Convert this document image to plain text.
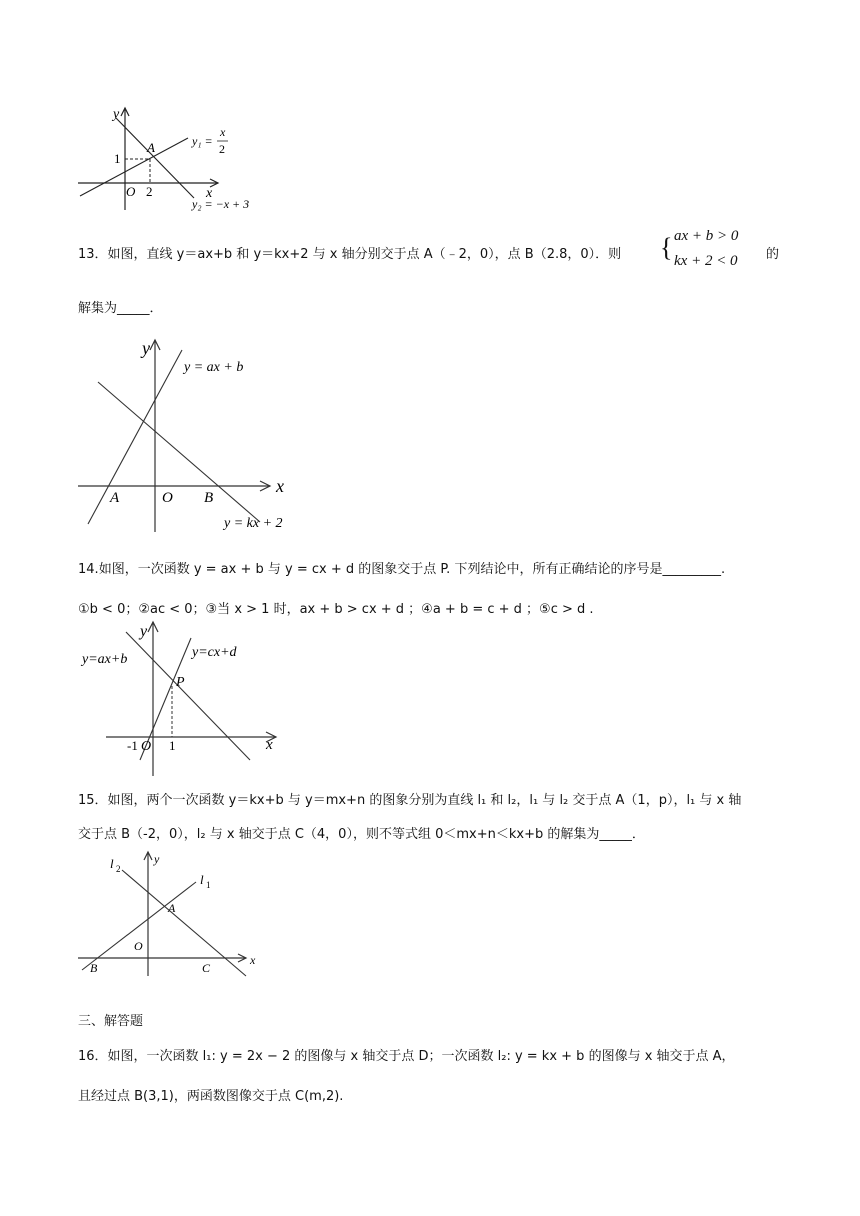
y
x
O
A
1
2
y₁ =
x
2
y₂ = −x + 3
13．如图，直线 y＝ax+b 和 y＝kx+2 与 x 轴分别交于点 A（﹣2，0），点 B（2.8，0）．则 { ax + b > 0
kx + 2 < 0 的
解集为_____．
y
x
O
A	B
y = ax + b
y = kx + 2
14.如图，一次函数 y = ax + b 与 y = cx + d 的图象交于点 P. 下列结论中，所有正确结论的序号是_________.
①b < 0；②ac < 0；③当 x > 1 时，ax + b > cx + d ；④a + b = c + d ；⑤c > d .
y
x
O
-1 1
P
y=ax+b	y=cx+d
15．如图，两个一次函数 y＝kx+b 与 y＝mx+n 的图象分别为直线 l₁ 和 l₂，l₁ 与 l₂ 交于点 A（1，p），l₁ 与 x 轴
交于点 B（-2，0），l₂ 与 x 轴交于点 C（4，0），则不等式组 0＜mx+n＜kx+b 的解集为_____．
y
x
O
A
B	C
l 1
l 2
三、解答题
16．如图，一次函数 l₁: y = 2x − 2 的图像与 x 轴交于点 D；一次函数 l₂: y = kx + b 的图像与 x 轴交于点 A，
且经过点 B(3,1)，两函数图像交于点 C(m,2).
